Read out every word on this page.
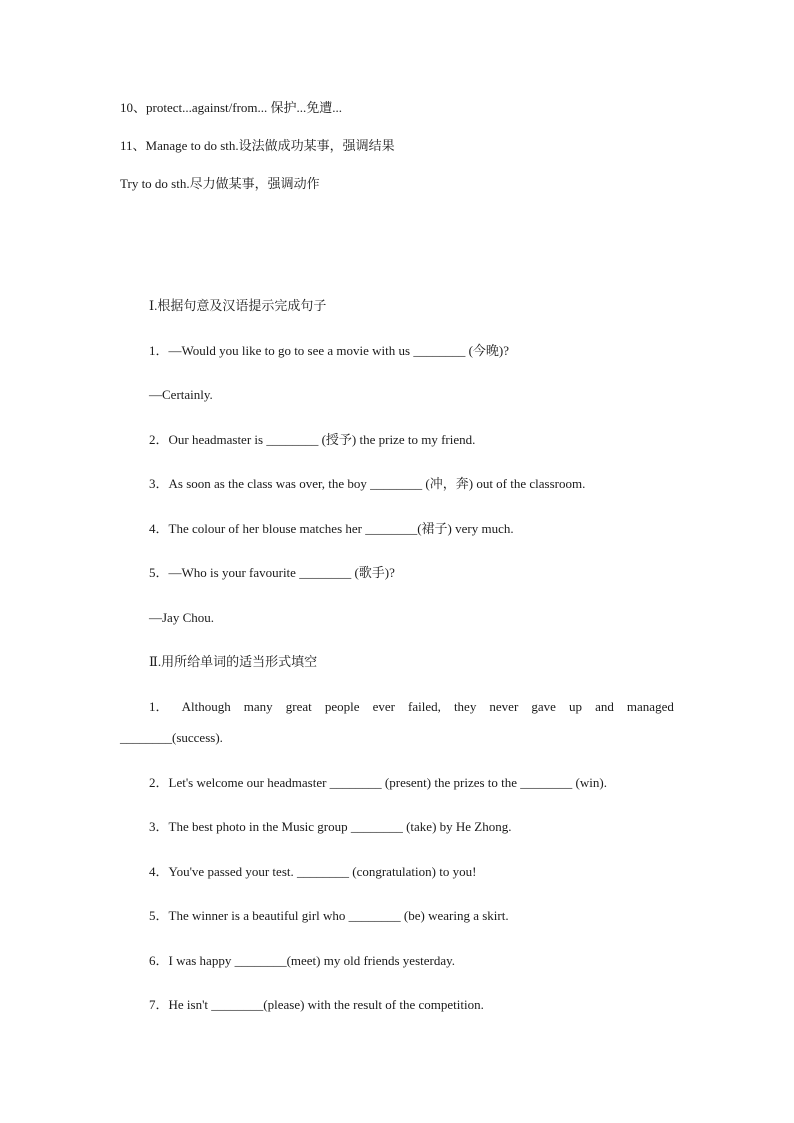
10、protect...against/from... 保护...免遭...
11、Manage to do sth.设法做成功某事，强调结果
Try to do sth.尽力做某事，强调动作
Ⅰ.根据句意及汉语提示完成句子
1．—Would you like to go to see a movie with us ________ (今晚)?
—Certainly.
2．Our headmaster is ________ (授予) the prize to my friend.
3．As soon as the class was over, the boy ________ (冲，奔) out of the classroom.
4．The colour of her blouse matches her ________(裙子) very much.
5．—Who is your favourite ________ (歌手)?
—Jay Chou.
Ⅱ.用所给单词的适当形式填空
1． Although many great people ever failed, they never gave up and managed
________(success).
2．Let's welcome our headmaster ________ (present) the prizes to the ________ (win).
3．The best photo in the Music group ________ (take) by He Zhong.
4．You've passed your test. ________ (congratulation) to you!
5．The winner is a beautiful girl who ________ (be) wearing a skirt.
6．I was happy ________(meet) my old friends yesterday.
7．He isn't ________(please) with the result of the competition.
